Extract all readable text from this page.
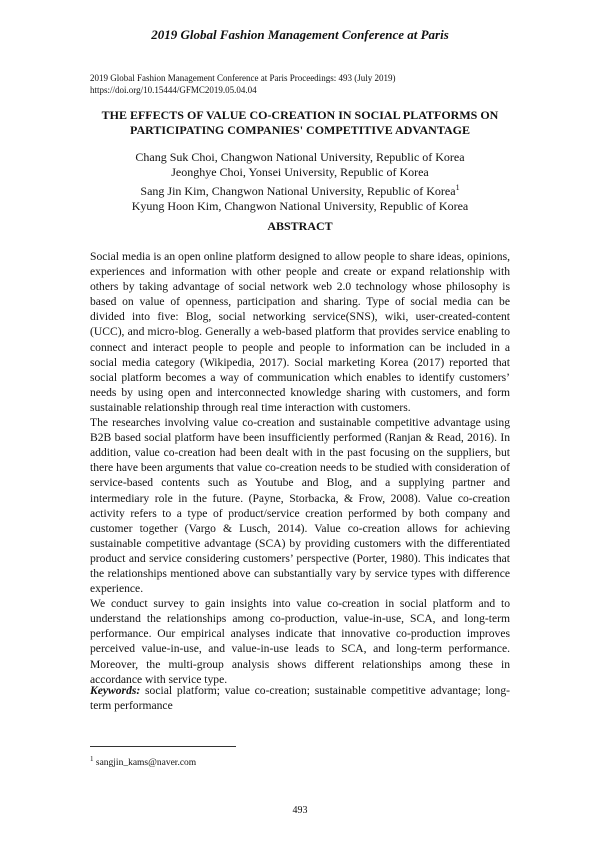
2019 Global Fashion Management Conference at Paris
2019 Global Fashion Management Conference at Paris Proceedings: 493 (July 2019)
https://doi.org/10.15444/GFMC2019.05.04.04
THE EFFECTS OF VALUE CO-CREATION IN SOCIAL PLATFORMS ON
PARTICIPATING COMPANIES' COMPETITIVE ADVANTAGE
Chang Suk Choi, Changwon National University, Republic of Korea
Jeonghye Choi, Yonsei University, Republic of Korea
Sang Jin Kim, Changwon National University, Republic of Korea$^1$
Kyung Hoon Kim, Changwon National University, Republic of Korea
ABSTRACT

Social media is an open online platform designed to allow people to share ideas, opinions, experiences and information with other people and create or expand relationship with others by taking advantage of social network web 2.0 technology whose philosophy is based on value of openness, participation and sharing. Type of social media can be divided into five: Blog, social networking service(SNS), wiki, user-created-content (UCC), and micro-blog. Generally a web-based platform that provides service enabling to connect and interact people to people and people to information can be included in a social media category (Wikipedia, 2017). Social marketing Korea (2017) reported that social platform becomes a way of communication which enables to identify customers’ needs by using open and interconnected knowledge sharing with customers, and form sustainable relationship through real time interaction with customers.

The researches involving value co-creation and sustainable competitive advantage using B2B based social platform have been insufficiently performed (Ranjan & Read, 2016). In addition, value co-creation had been dealt with in the past focusing on the suppliers, but there have been arguments that value co-creation needs to be studied with consideration of service-based contents such as Youtube and Blog, and a supplying partner and intermediary role in the future. (Payne, Storbacka, & Frow, 2008). Value co-creation activity refers to a type of product/service creation performed by both company and customer together (Vargo & Lusch, 2014). Value co-creation allows for achieving sustainable competitive advantage (SCA) by providing customers with the differentiated product and service considering customers’ perspective (Porter, 1980). This indicates that the relationships mentioned above can substantially vary by service types with difference experience.

We conduct survey to gain insights into value co-creation in social platform and to understand the relationships among co-production, value-in-use, SCA, and long-term performance. Our empirical analyses indicate that innovative co-production improves perceived value-in-use, and value-in-use leads to SCA, and long-term performance. Moreover, the multi-group analysis shows different relationships among these in accordance with service type.

Keywords: social platform; value co-creation; sustainable competitive advantage; long-term performance
$^1$ sangjin_kams@naver.com
493
